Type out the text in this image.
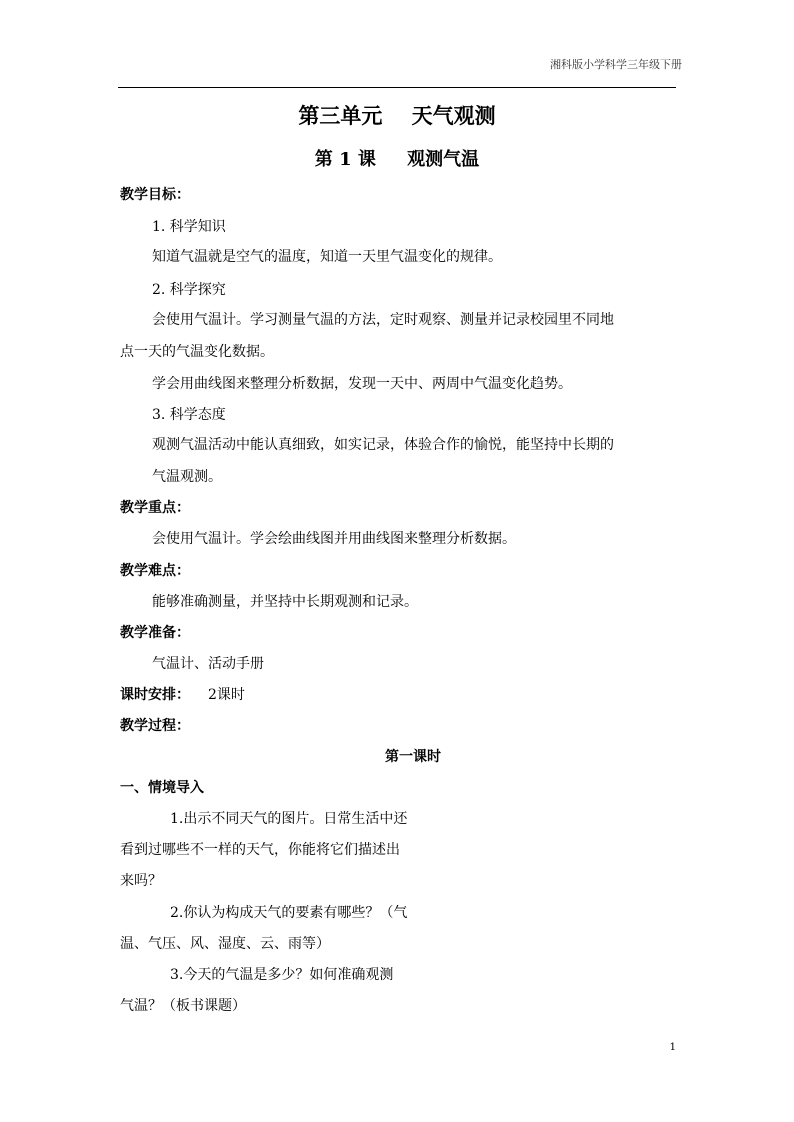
湘科版小学科学三年级下册
第三单元    天气观测
第 1 课     观测气温
教学目标：
1. 科学知识
知道气温就是空气的温度，知道一天里气温变化的规律。
2. 科学探究
会使用气温计。学习测量气温的方法，定时观察、测量并记录校园里不同地
点一天的气温变化数据。
学会用曲线图来整理分析数据，发现一天中、两周中气温变化趋势。
3. 科学态度
观测气温活动中能认真细致，如实记录，体验合作的愉悦，能坚持中长期的
气温观测。
教学重点：
会使用气温计。学会绘曲线图并用曲线图来整理分析数据。
教学难点：
能够准确测量，并坚持中长期观测和记录。
教学准备：
气温计、活动手册
课时安排： 2课时
教学过程：
第一课时
一、情境导入
1.出示不同天气的图片。日常生活中还
看到过哪些不一样的天气，你能将它们描述出
来吗？
2.你认为构成天气的要素有哪些？（气
温、气压、风、湿度、云、雨等）
3.今天的气温是多少？如何准确观测
气温？（板书课题）
1
